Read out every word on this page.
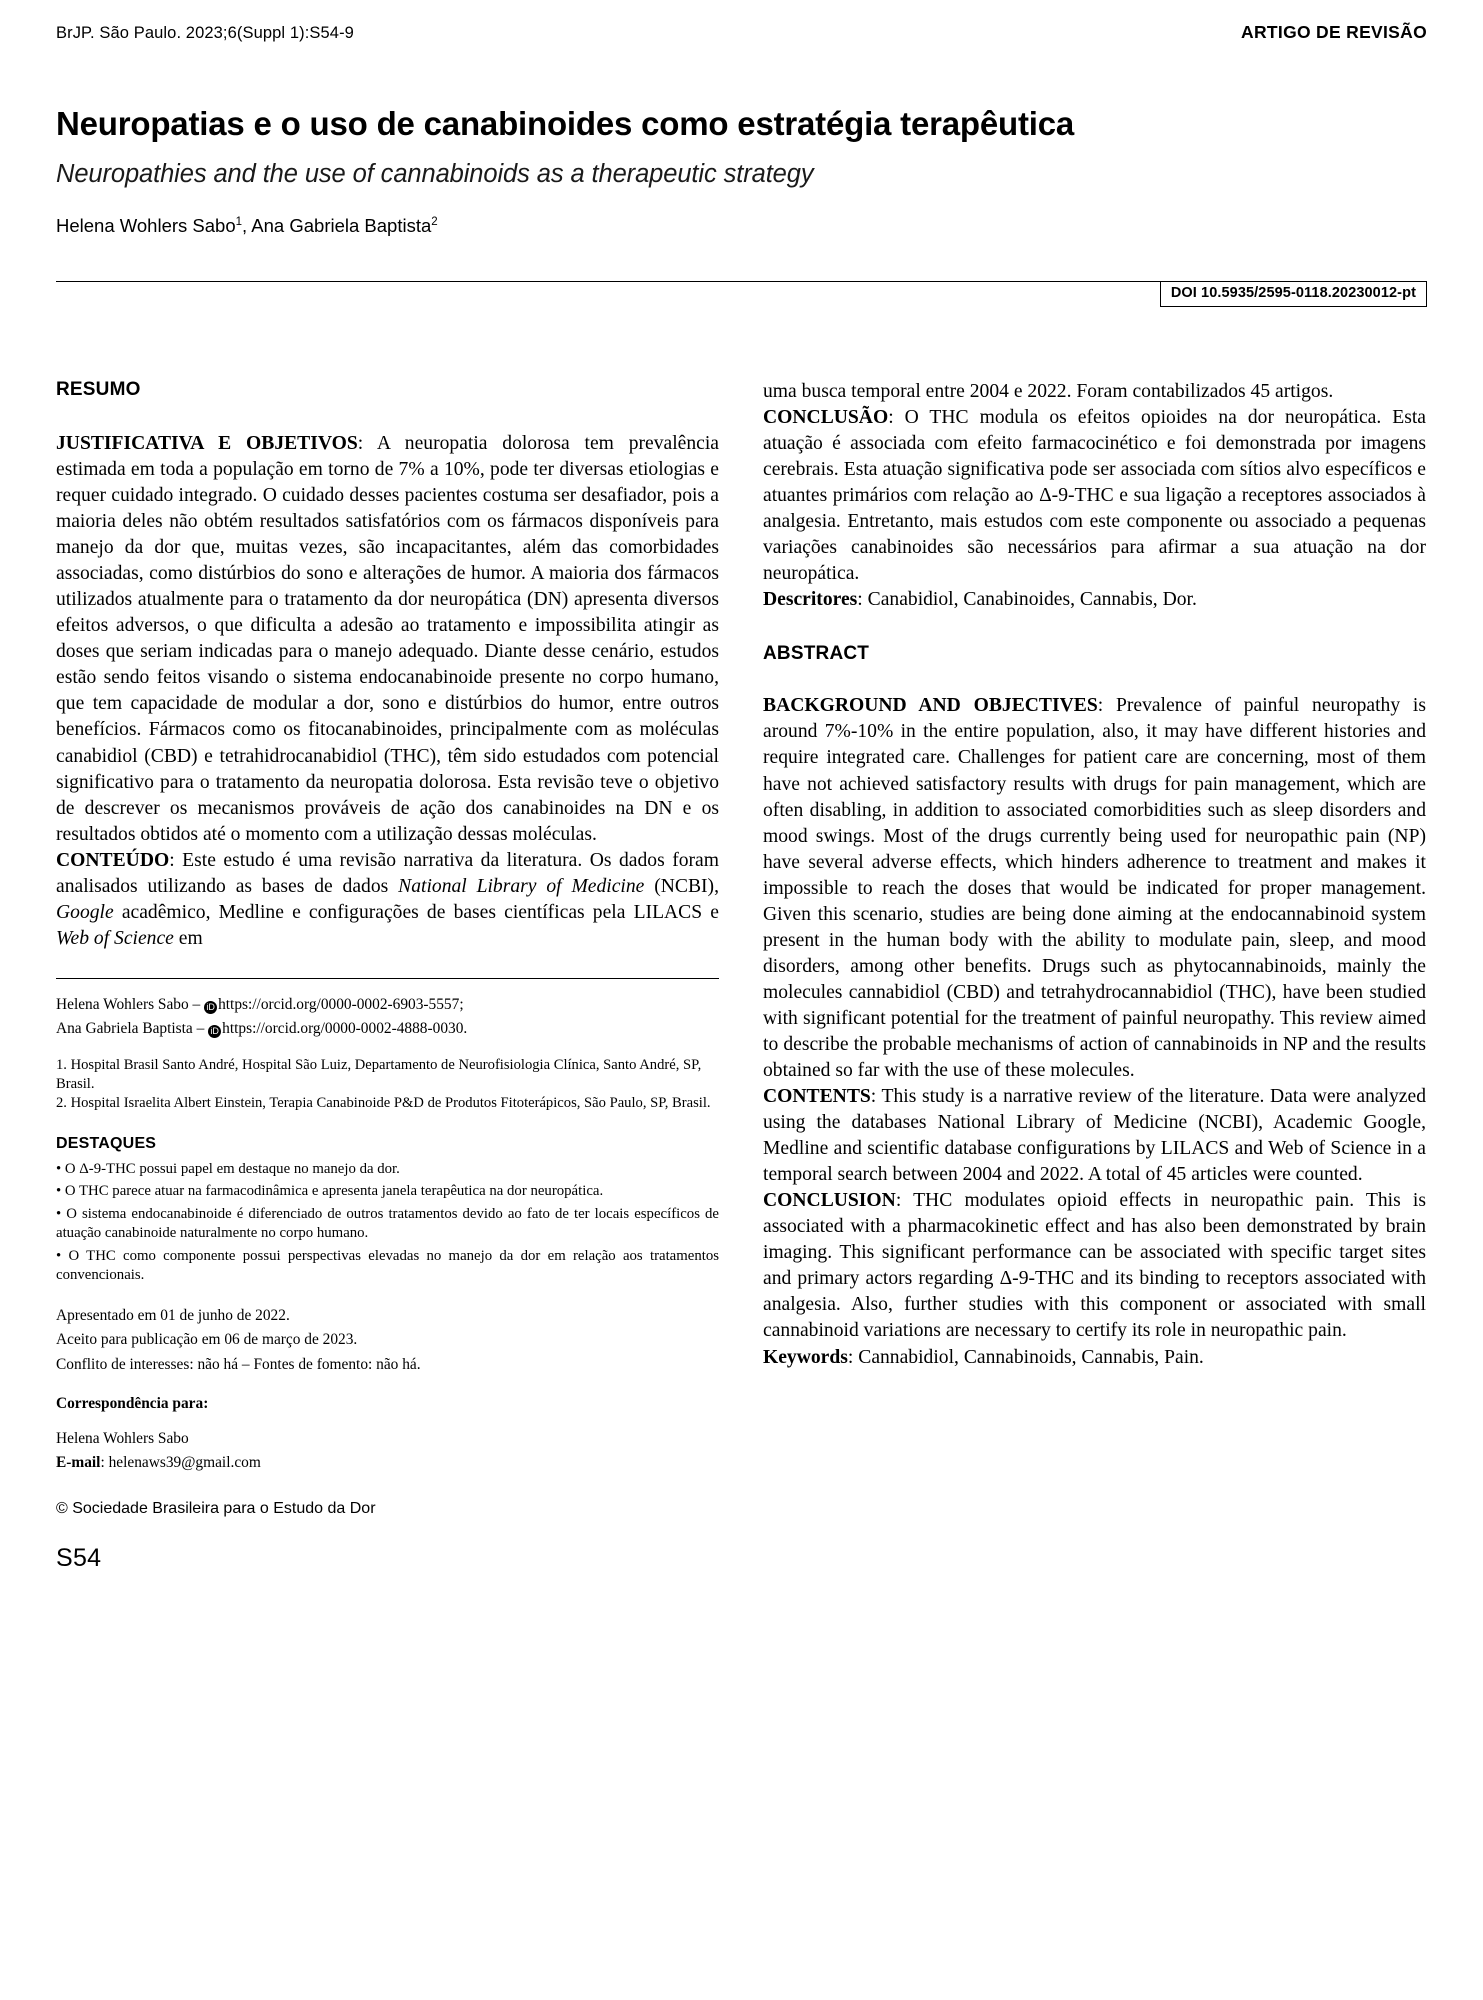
BrJP. São Paulo. 2023;6(Suppl 1):S54-9	ARTIGO DE REVISÃO
Neuropatias e o uso de canabinoides como estratégia terapêutica
Neuropathies and the use of cannabinoids as a therapeutic strategy
Helena Wohlers Sabo$^1$, Ana Gabriela Baptista$^2$
DOI 10.5935/2595-0118.20230012-pt
RESUMO

JUSTIFICATIVA E OBJETIVOS: A neuropatia dolorosa tem prevalência estimada em toda a população em torno de 7% a 10%, pode ter diversas etiologias e requer cuidado integrado. O cuidado desses pacientes costuma ser desafiador, pois a maioria deles não obtém resultados satisfatórios com os fármacos disponíveis para manejo da dor que, muitas vezes, são incapacitantes, além das comorbidades associadas, como distúrbios do sono e alterações de humor. A maioria dos fármacos utilizados atualmente para o tratamento da dor neuropática (DN) apresenta diversos efeitos adversos, o que dificulta a adesão ao tratamento e impossibilita atingir as doses que seriam indicadas para o manejo adequado. Diante desse cenário, estudos estão sendo feitos visando o sistema endocanabinoide presente no corpo humano, que tem capacidade de modular a dor, sono e distúrbios do humor, entre outros benefícios. Fármacos como os fitocanabinoides, principalmente com as moléculas canabidiol (CBD) e tetrahidrocanabidiol (THC), têm sido estudados com potencial significativo para o tratamento da neuropatia dolorosa. Esta revisão teve o objetivo de descrever os mecanismos prováveis de ação dos canabinoides na DN e os resultados obtidos até o momento com a utilização dessas moléculas.

CONTEÚDO: Este estudo é uma revisão narrativa da literatura. Os dados foram analisados utilizando as bases de dados National Library of Medicine (NCBI), Google acadêmico, Medline e configurações de bases científicas pela LILACS e Web of Science em

Helena Wohlers Sabo – iD https://orcid.org/0000-0002-6903-5557;

Ana Gabriela Baptista – iD https://orcid.org/0000-0002-4888-0030.

1. Hospital Brasil Santo André, Hospital São Luiz, Departamento de Neurofisiologia Clínica, Santo André, SP, Brasil.

2. Hospital Israelita Albert Einstein, Terapia Canabinoide P&D de Produtos Fitoterápicos, São Paulo, SP, Brasil.

DESTAQUES

• O Δ-9-THC possui papel em destaque no manejo da dor.

• O THC parece atuar na farmacodinâmica e apresenta janela terapêutica na dor neuropática.

• O sistema endocanabinoide é diferenciado de outros tratamentos devido ao fato de ter locais específicos de atuação canabinoide naturalmente no corpo humano.

• O THC como componente possui perspectivas elevadas no manejo da dor em relação aos tratamentos convencionais.

Apresentado em 01 de junho de 2022.

Aceito para publicação em 06 de março de 2023.

Conflito de interesses: não há – Fontes de fomento: não há.

Correspondência para:

Helena Wohlers Sabo

E-mail: helenaws39@gmail.com

© Sociedade Brasileira para o Estudo da Dor

S54

uma busca temporal entre 2004 e 2022. Foram contabilizados 45 artigos.

CONCLUSÃO: O THC modula os efeitos opioides na dor neuropática. Esta atuação é associada com efeito farmacocinético e foi demonstrada por imagens cerebrais. Esta atuação significativa pode ser associada com sítios alvo específicos e atuantes primários com relação ao Δ-9-THC e sua ligação a receptores associados à analgesia. Entretanto, mais estudos com este componente ou associado a pequenas variações canabinoides são necessários para afirmar a sua atuação na dor neuropática.

Descritores: Canabidiol, Canabinoides, Cannabis, Dor.

ABSTRACT

BACKGROUND AND OBJECTIVES: Prevalence of painful neuropathy is around 7%-10% in the entire population, also, it may have different histories and require integrated care. Challenges for patient care are concerning, most of them have not achieved satisfactory results with drugs for pain management, which are often disabling, in addition to associated comorbidities such as sleep disorders and mood swings. Most of the drugs currently being used for neuropathic pain (NP) have several adverse effects, which hinders adherence to treatment and makes it impossible to reach the doses that would be indicated for proper management. Given this scenario, studies are being done aiming at the endocannabinoid system present in the human body with the ability to modulate pain, sleep, and mood disorders, among other benefits. Drugs such as phytocannabinoids, mainly the molecules cannabidiol (CBD) and tetrahydrocannabidiol (THC), have been studied with significant potential for the treatment of painful neuropathy. This review aimed to describe the probable mechanisms of action of cannabinoids in NP and the results obtained so far with the use of these molecules.

CONTENTS: This study is a narrative review of the literature. Data were analyzed using the databases National Library of Medicine (NCBI), Academic Google, Medline and scientific database configurations by LILACS and Web of Science in a temporal search between 2004 and 2022. A total of 45 articles were counted.

CONCLUSION: THC modulates opioid effects in neuropathic pain. This is associated with a pharmacokinetic effect and has also been demonstrated by brain imaging. This significant performance can be associated with specific target sites and primary actors regarding Δ-9-THC and its binding to receptors associated with analgesia. Also, further studies with this component or associated with small cannabinoid variations are necessary to certify its role in neuropathic pain.

Keywords: Cannabidiol, Cannabinoids, Cannabis, Pain.
